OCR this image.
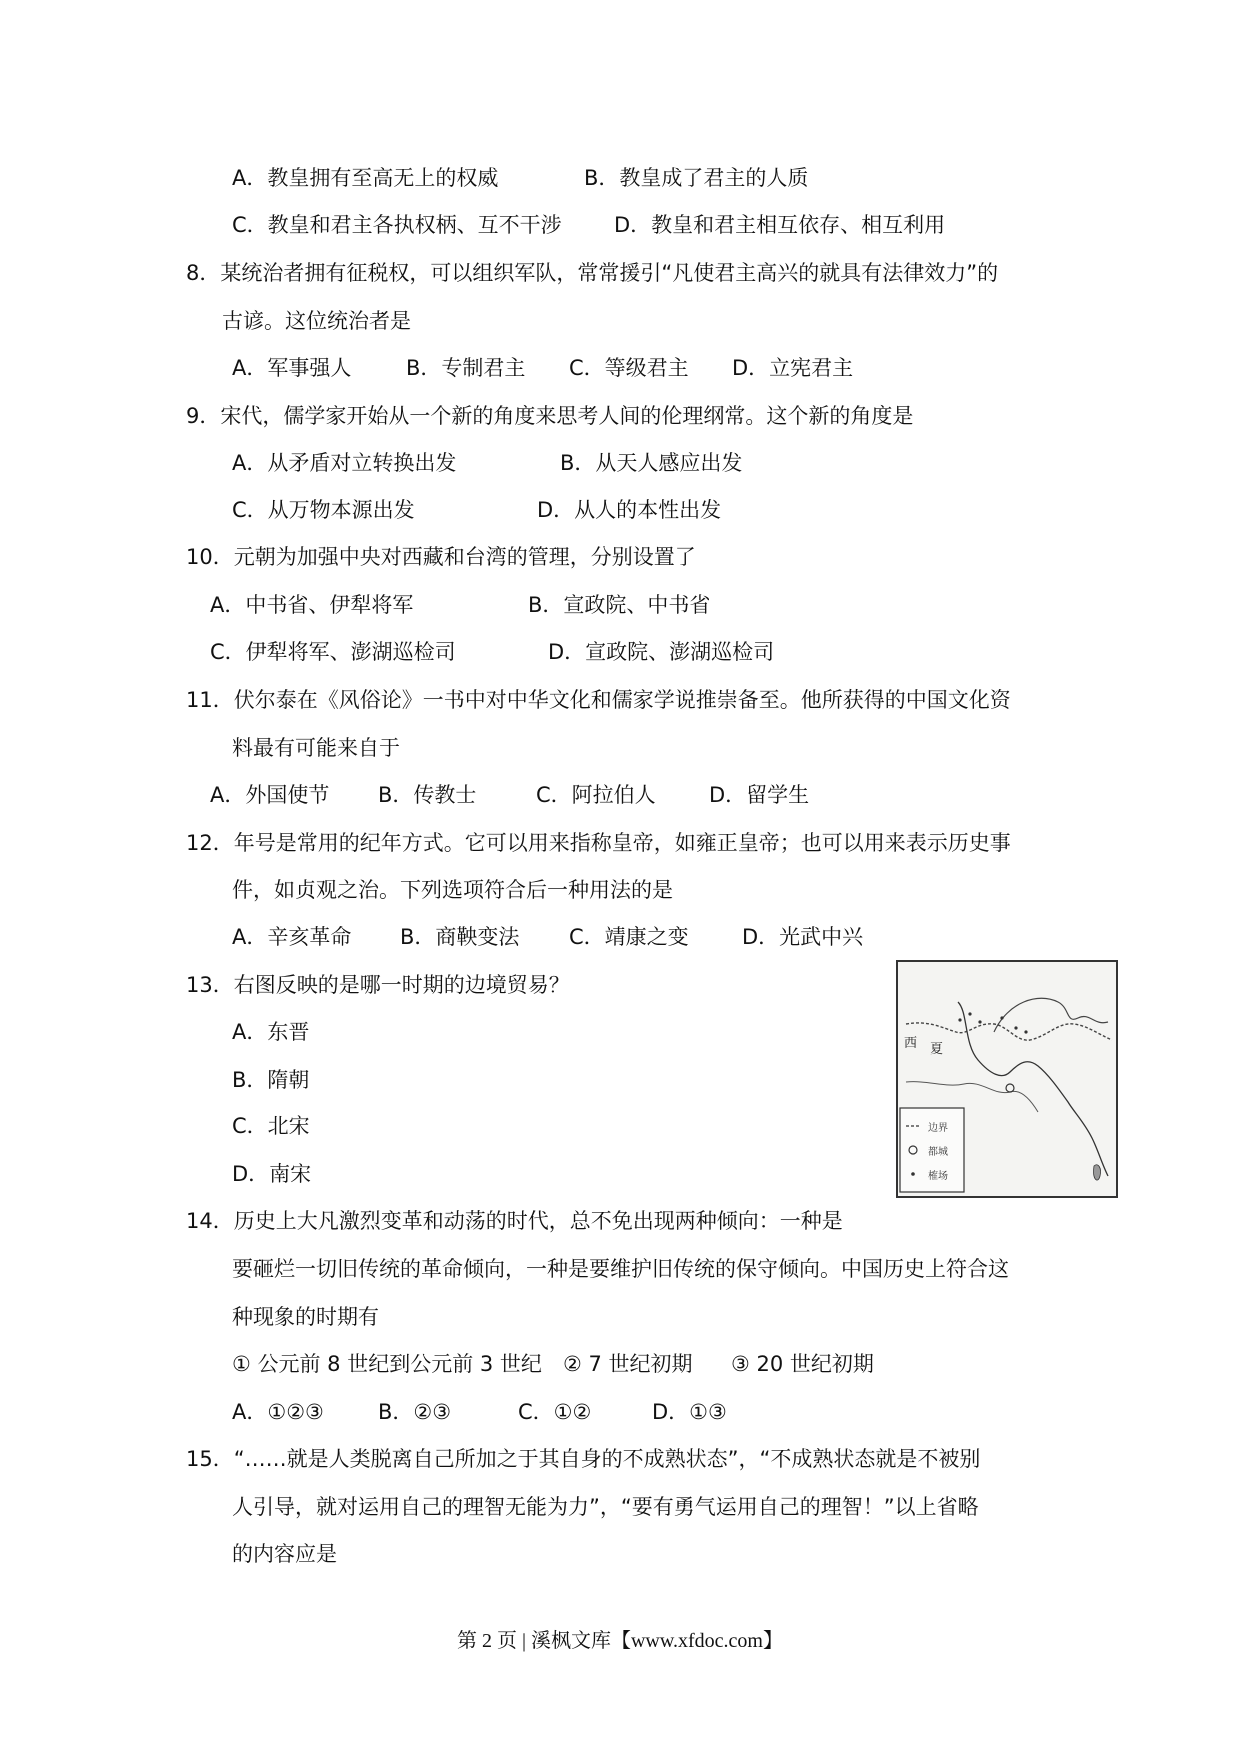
A．教皇拥有至高无上的权威	B．教皇成了君主的人质
C．教皇和君主各执权柄、互不干涉 D．教皇和君主相互依存、相互利用
8．某统治者拥有征税权，可以组织军队，常常援引“凡使君主高兴的就具有法律效力”的
古谚。这位统治者是
A．军事强人	B．专制君主 C．等级君主 D．立宪君主
9．宋代，儒学家开始从一个新的角度来思考人间的伦理纲常。这个新的角度是
A．从矛盾对立转换出发	B．从天人感应出发
C．从万物本源出发	D．从人的本性出发
10．元朝为加强中央对西藏和台湾的管理，分别设置了
A．中书省、伊犁将军	B．宣政院、中书省
C．伊犁将军、澎湖巡检司	D．宣政院、澎湖巡检司
11．伏尔泰在《风俗论》一书中对中华文化和儒家学说推崇备至。他所获得的中国文化资
料最有可能来自于
A．外国使节 B．传教士	C．阿拉伯人	D．留学生
12．年号是常用的纪年方式。它可以用来指称皇帝，如雍正皇帝；也可以用来表示历史事
件，如贞观之治。下列选项符合后一种用法的是
A．辛亥革命 B．商鞅变法 C．靖康之变	D．光武中兴
13．右图反映的是哪一时期的边境贸易？
A．东晋
B．隋朝
C．北宋
D．南宋
西 夏
边界
都城
榷场
14．历史上大凡激烈变革和动荡的时代，总不免出现两种倾向：一种是
要砸烂一切旧传统的革命倾向，一种是要维护旧传统的保守倾向。中国历史上符合这
种现象的时期有
① 公元前 8 世纪到公元前 3 世纪 ② 7 世纪初期 ③ 20 世纪初期
A．①②③	B．②③	C．①②	D．①③
15．“……就是人类脱离自己所加之于其自身的不成熟状态”，“不成熟状态就是不被别
人引导，就对运用自己的理智无能为力”，“要有勇气运用自己的理智！”以上省略
的内容应是
第 2 页 | 溪枫文库【www.xfdoc.com】
